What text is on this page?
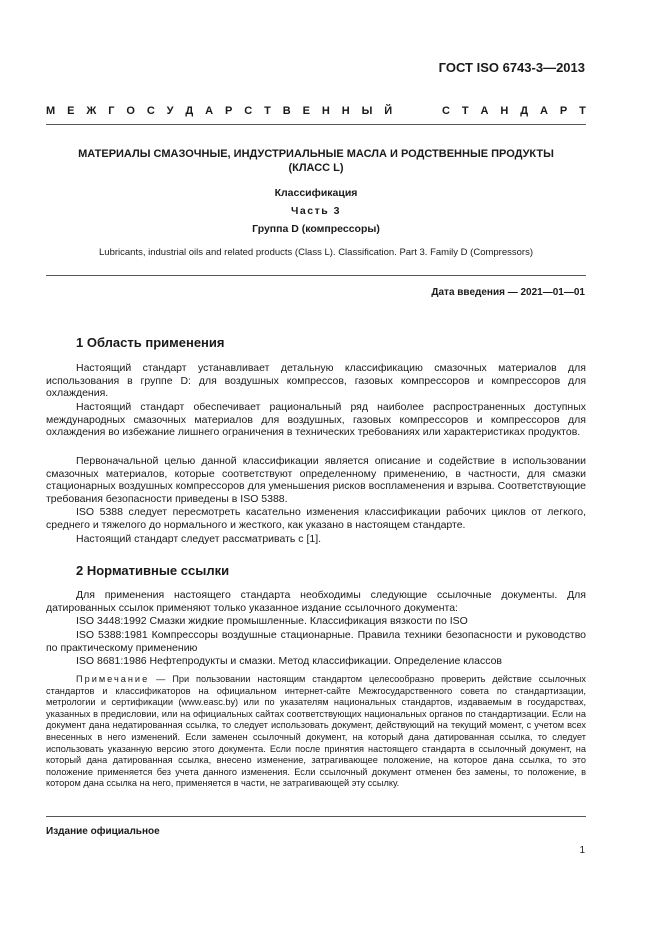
ГОСТ ISO 6743-3—2013
М Е Ж Г О С У Д А Р С Т В Е Н Н Ы Й	С Т А Н Д А Р Т
МАТЕРИАЛЫ СМАЗОЧНЫЕ, ИНДУСТРИАЛЬНЫЕ МАСЛА И РОДСТВЕННЫЕ ПРОДУКТЫ
(КЛАСС L)
Классификация
Часть 3
Группа D (компрессоры)
Lubricants, industrial oils and related products (Class L). Classification. Part 3. Family D (Compressors)
Дата введения — 2021—01—01
1 Область применения
Настоящий стандарт устанавливает детальную классификацию смазочных материалов для использования в группе D: для воздушных компрессов, газовых компрессоров и компрессоров для охлаждения.
Настоящий стандарт обеспечивает рациональный ряд наиболее распространенных доступных международных смазочных материалов для воздушных, газовых компрессоров и компрессоров для охлаждения во избежание лишнего ограничения в технических требованиях или характеристиках продуктов.
Первоначальной целью данной классификации является описание и содействие в использовании смазочных материалов, которые соответствуют определенному применению, в частности, для смазки стационарных воздушных компрессоров для уменьшения рисков воспламенения и взрыва. Соответствующие требования безопасности приведены в ISO 5388.
ISO 5388 следует пересмотреть касательно изменения классификации рабочих циклов от легкого, среднего и тяжелого до нормального и жесткого, как указано в настоящем стандарте.
Настоящий стандарт следует рассматривать с [1].
2 Нормативные ссылки
Для применения настоящего стандарта необходимы следующие ссылочные документы. Для датированных ссылок применяют только указанное издание ссылочного документа:
ISO 3448:1992 Смазки жидкие промышленные. Классификация вязкости по ISO
ISO 5388:1981 Компрессоры воздушные стационарные. Правила техники безопасности и руководство по практическому применению
ISO 8681:1986 Нефтепродукты и смазки. Метод классификации. Определение классов
Примечание — При пользовании настоящим стандартом целесообразно проверить действие ссылочных стандартов и классификаторов на официальном интернет-сайте Межгосударственного совета по стандартизации, метрологии и сертификации (www.easc.by) или по указателям национальных стандартов, издаваемым в государствах, указанных в предисловии, или на официальных сайтах соответствующих национальных органов по стандартизации. Если на документ дана недатированная ссылка, то следует использовать документ, действующий на текущий момент, с учетом всех внесенных в него изменений. Если заменен ссылочный документ, на который дана датированная ссылка, то следует использовать указанную версию этого документа. Если после принятия настоящего стандарта в ссылочный документ, на который дана датированная ссылка, внесено изменение, затрагивающее положение, на которое дана ссылка, то это положение применяется без учета данного изменения. Если ссылочный документ отменен без замены, то положение, в котором дана ссылка на него, применяется в части, не затрагивающей эту ссылку.
Издание официальное
1
